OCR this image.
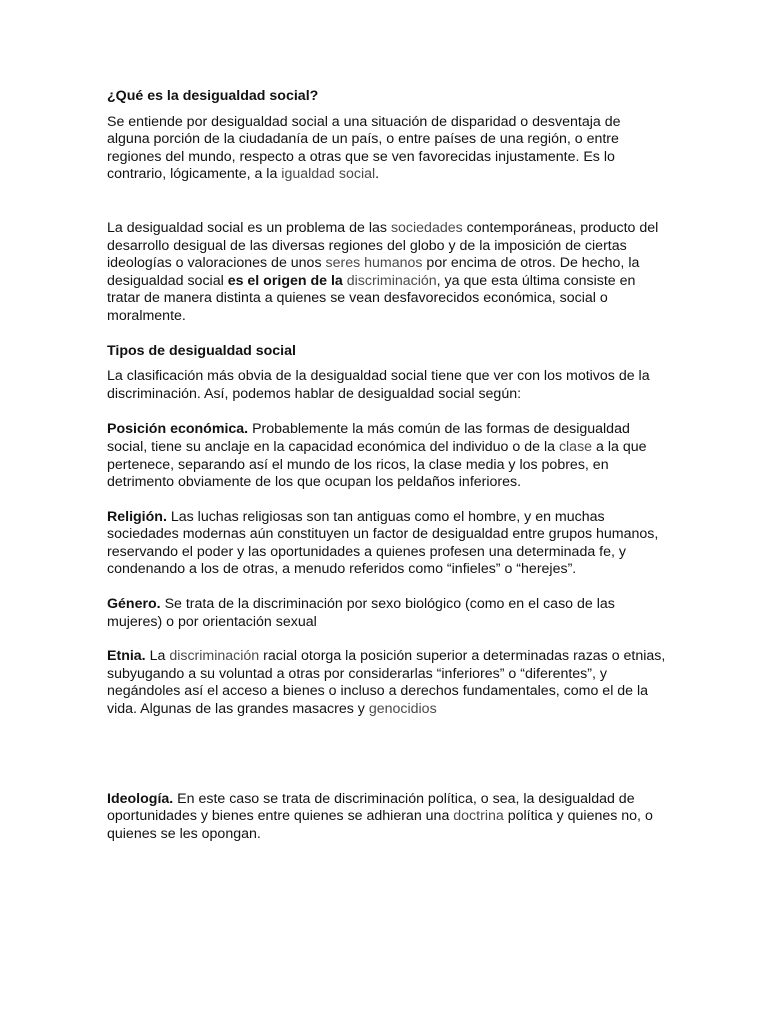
¿Qué es la desigualdad social?

Se entiende por desigualdad social a una situación de disparidad o desventaja de alguna porción de la ciudadanía de un país, o entre países de una región, o entre regiones del mundo, respecto a otras que se ven favorecidas injustamente. Es lo contrario, lógicamente, a la igualdad social.

La desigualdad social es un problema de las sociedades contemporáneas, producto del desarrollo desigual de las diversas regiones del globo y de la imposición de ciertas ideologías o valoraciones de unos seres humanos por encima de otros. De hecho, la desigualdad social es el origen de la discriminación, ya que esta última consiste en tratar de manera distinta a quienes se vean desfavorecidos económica, social o moralmente.

Tipos de desigualdad social

La clasificación más obvia de la desigualdad social tiene que ver con los motivos de la discriminación. Así, podemos hablar de desigualdad social según:

Posición económica. Probablemente la más común de las formas de desigualdad social, tiene su anclaje en la capacidad económica del individuo o de la clase a la que pertenece, separando así el mundo de los ricos, la clase media y los pobres, en detrimento obviamente de los que ocupan los peldaños inferiores.

Religión. Las luchas religiosas son tan antiguas como el hombre, y en muchas sociedades modernas aún constituyen un factor de desigualdad entre grupos humanos, reservando el poder y las oportunidades a quienes profesen una determinada fe, y condenando a los de otras, a menudo referidos como “infieles” o “herejes”.

Género. Se trata de la discriminación por sexo biológico (como en el caso de las mujeres) o por orientación sexual

Etnia. La discriminación racial otorga la posición superior a determinadas razas o etnias, subyugando a su voluntad a otras por considerarlas “inferiores” o “diferentes”, y negándoles así el acceso a bienes o incluso a derechos fundamentales, como el de la vida. Algunas de las grandes masacres y genocidios

Ideología. En este caso se trata de discriminación política, o sea, la desigualdad de oportunidades y bienes entre quienes se adhieran una doctrina política y quienes no, o quienes se les opongan.
